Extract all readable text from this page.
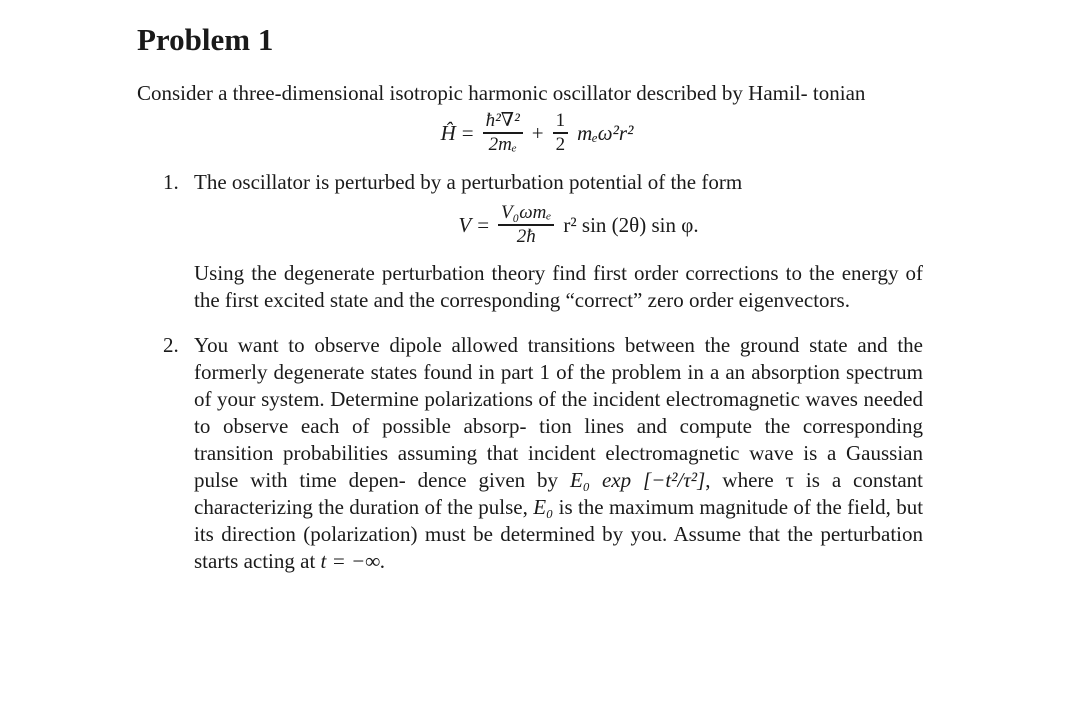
Problem 1
Consider a three-dimensional isotropic harmonic oscillator described by Hamil- tonian
Ĥ = $\frac{\text{ħ²∇²}}{\text{2mₑ}} + \frac{1}{2} m_e\omega^2r^2$
1. The oscillator is perturbed by a perturbation potential of the form
$V = \frac{\text{V₀ωmₑ}}{2ħ} r^2$ sin (2θ) sin φ.
Using the degenerate perturbation theory find first order corrections to the energy of the first excited state and the corresponding “correct” zero order eigenvectors.
2. You want to observe dipole allowed transitions between the ground state and the formerly degenerate states found in part 1 of the problem in a an absorption spectrum of your system. Determine polarizations of the incident electromagnetic waves needed to observe each of possible absorp- tion lines and compute the corresponding transition probabilities assuming that incident electromagnetic wave is a Gaussian pulse with time depen- dence given by E₀ exp [−t²/τ²], where τ is a constant characterizing the duration of the pulse, E₀ is the maximum magnitude of the field, but its direction (polarization) must be determined by you. Assume that the perturbation starts acting at t = −∞.
